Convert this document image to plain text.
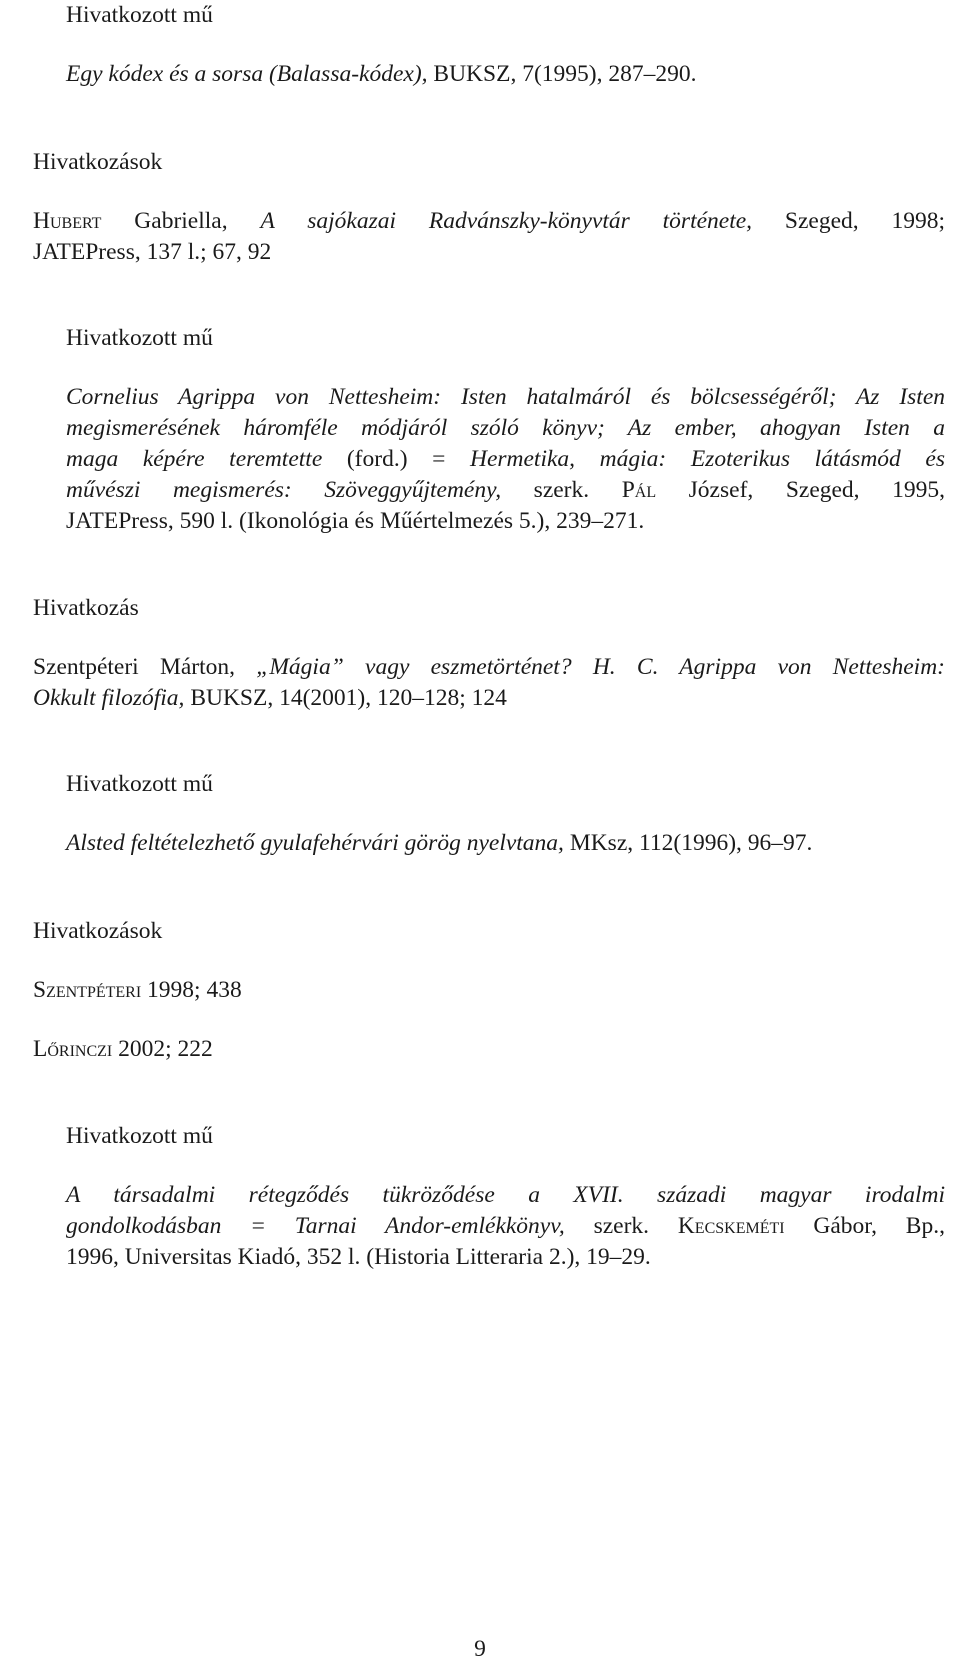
Hivatkozott mű
Egy kódex és a sorsa (Balassa-kódex), BUKSZ, 7(1995), 287–290.
Hivatkozások
Hubert Gabriella, A sajókazai Radvánszky-könyvtár története, Szeged, 1998;
JATEPress, 137 l.; 67, 92
Hivatkozott mű
Cornelius Agrippa von Nettesheim: Isten hatalmáról és bölcsességéről; Az Isten
megismerésének háromféle módjáról szóló könyv; Az ember, ahogyan Isten a
maga képére teremtette (ford.) = Hermetika, mágia: Ezoterikus látásmód és
művészi megismerés: Szöveggyűjtemény, szerk. Pál József, Szeged, 1995,
JATEPress, 590 l. (Ikonológia és Műértelmezés 5.), 239–271.
Hivatkozás
Szentpéteri Márton, „Mágia” vagy eszmetörténet? H. C. Agrippa von Nettesheim:
Okkult filozófia, BUKSZ, 14(2001), 120–128; 124
Hivatkozott mű
Alsted feltételezhető gyulafehérvári görög nyelvtana, MKsz, 112(1996), 96–97.
Hivatkozások
Szentpéteri 1998; 438
Lőrinczi 2002; 222
Hivatkozott mű
A társadalmi rétegződés tükröződése a XVII. századi magyar irodalmi
gondolkodásban = Tarnai Andor-emlékkönyv, szerk. Kecskeméti Gábor, Bp.,
1996, Universitas Kiadó, 352 l. (Historia Litteraria 2.), 19–29.
9
